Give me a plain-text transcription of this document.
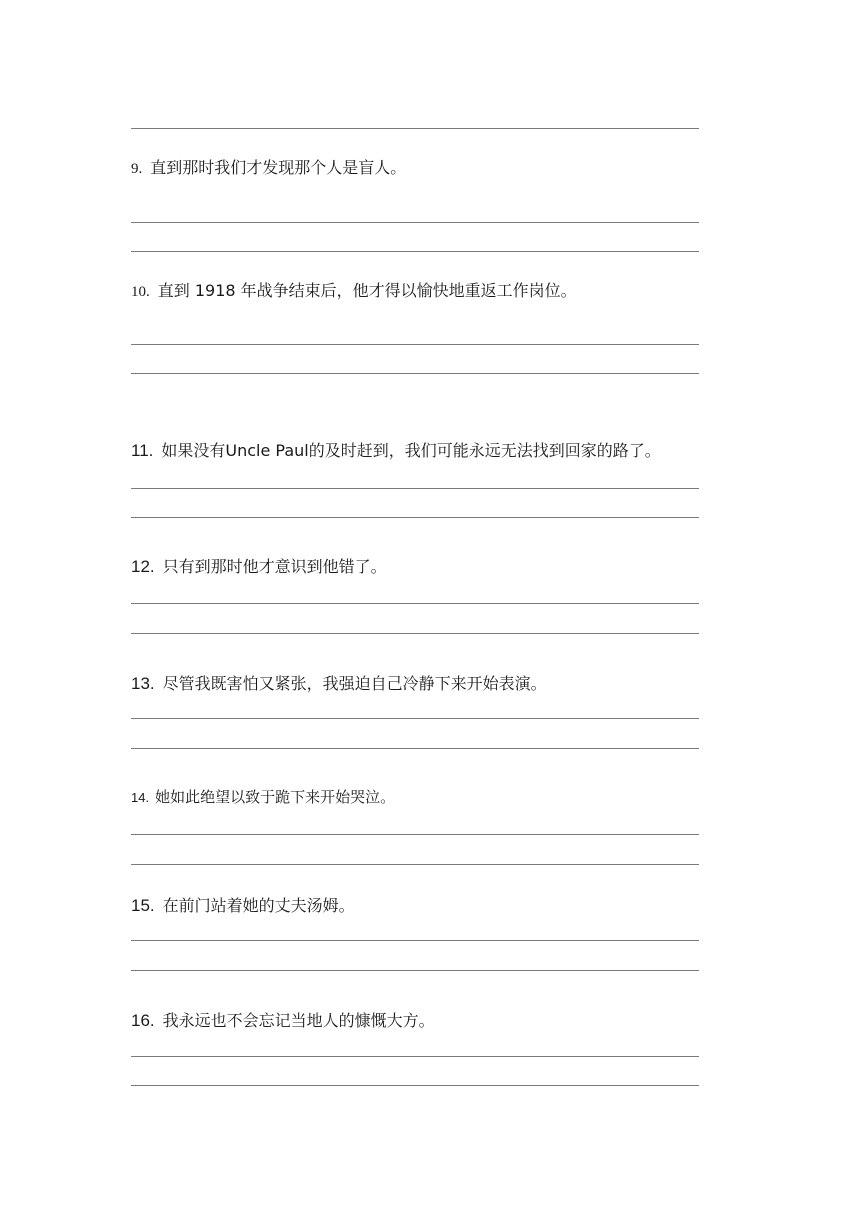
9. 直到那时我们才发现那个人是盲人。
10. 直到 1918 年战争结束后，他才得以愉快地重返工作岗位。
11. 如果没有Uncle Paul的及时赶到，我们可能永远无法找到回家的路了。
12. 只有到那时他才意识到他错了。
13. 尽管我既害怕又紧张，我强迫自己冷静下来开始表演。
14. 她如此绝望以致于跪下来开始哭泣。
15. 在前门站着她的丈夫汤姆。
16. 我永远也不会忘记当地人的慷慨大方。
